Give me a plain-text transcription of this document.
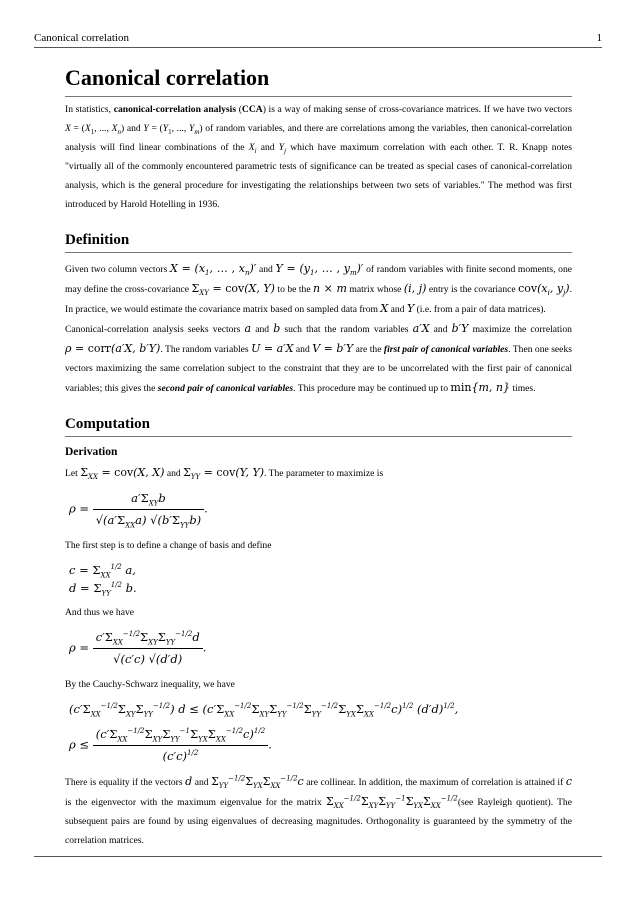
Canonical correlation	1
Canonical correlation

In statistics, canonical-correlation analysis (CCA) is a way of making sense of cross-covariance matrices. If we have two vectors $X = (X_1$, ..., $X_n$) and $Y = (Y_1$, ..., $Y_m$) of random variables, and there are correlations among the variables, then canonical-correlation analysis will find linear combinations of the $X_i$ and $Y_j$ which have maximum correlation with each other. T. R. Knapp notes "virtually all of the commonly encountered parametric tests of significance can be treated as special cases of canonical-correlation analysis, which is the general procedure for investigating the relationships between two sets of variables." The method was first introduced by Harold Hotelling in 1936.

Definition

Given two column vectors $X = (x_1$, … , $x_n)'$ and $Y = (y_1$, … , $y_m)'$ of random variables with finite second moments, one may define the cross-covariance $\Sigma_{XY} = cov(X$, Y) to be the n × m matrix whose (i, j) entry is the covariance $cov(x_i$, $y_j$). In practice, we would estimate the covariance matrix based on sampled data from X and Y (i.e. from a pair of data matrices).

Canonical-correlation analysis seeks vectors a and b such that the random variables a′X and b′Y maximize the correlation ρ = corr(a′X, b′Y). The random variables U = a′X and V = b′Y are the first pair of canonical variables. Then one seeks vectors maximizing the same correlation subject to the constraint that they are to be uncorrelated with the first pair of canonical variables; this gives the second pair of canonical variables. This procedure may be continued up to min{m, n} times.

Computation
Derivation

Let $\Sigma_{XX} = cov(X$, X) and $\Sigma_{YY} = cov(Y$, Y). The parameter to maximize is

$\rho = \frac{a'\Sigma_{XY}b}{√(a'\Sigma_{XX}a) √(b'\Sigma_{YY}b)}$ .

The first step is to define a change of basis and define

$c = \Sigma_{XX}^{1/2}$ a,
$d = \Sigma_{YY}^{1/2}$ b.

And thus we have

$\rho = \frac{c'\Sigma_{XX}^{-1/2}\Sigma_{XY}\Sigma_{YY}^{-1/2}d}{√(c'c) √(d'd)}$ .

By the Cauchy-Schwarz inequality, we have

$(c'\Sigma_{XX}^{-1/2}\Sigma_{XY}\Sigma_{YY}^{-1/2}) d \le (c'\Sigma_{XX}^{-1/2}\Sigma_{XY}\Sigma_{YY}^{-1/2}\Sigma_{YY}^{-1/2}\Sigma_{YX}\Sigma_{XX}^{-1/2}c)^{1/2}$ $(d'd)^{1/2}$,
$\rho \le \frac{(c'\Sigma_{XX}^{-1/2}\Sigma_{XY}\Sigma_{YY}^{-1}\Sigma_{YX}\Sigma_{XX}^{-1/2}c)^{1/2}}{(c'c)^{1/2}}$ .

There is equality if the vectors d and $\Sigma_{YY}^{-1/2}\Sigma_{YX}\Sigma_{XX}^{-1/2}c$ are collinear. In addition, the maximum of correlation is attained if c is the eigenvector with the maximum eigenvalue for the matrix $\Sigma_{XX}^{-1/2}\Sigma_{XY}\Sigma_{YY}^{-1}\Sigma_{YX}\Sigma_{XX}^{-1/2}(see$ Rayleigh quotient). The subsequent pairs are found by using eigenvalues of decreasing magnitudes. Orthogonality is guaranteed by the symmetry of the correlation matrices.
